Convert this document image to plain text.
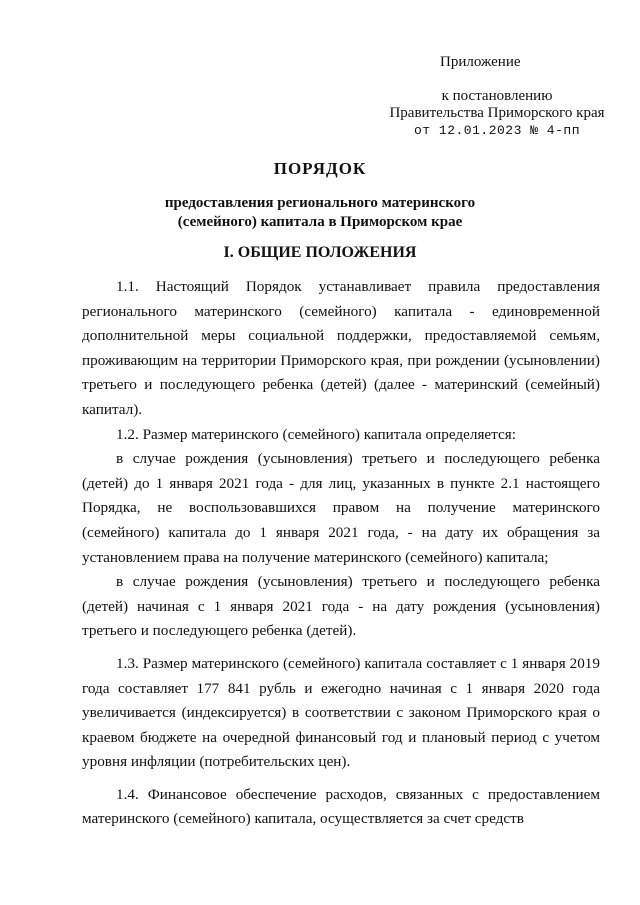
Приложение
к постановлению
Правительства Приморского края
от 12.01.2023 № 4-пп
ПОРЯДОК
предоставления регионального материнского
(семейного) капитала в Приморском крае
I. ОБЩИЕ ПОЛОЖЕНИЯ

1.1. Настоящий Порядок устанавливает правила предоставления регионального материнского (семейного) капитала - единовременной дополнительной меры социальной поддержки, предоставляемой семьям, проживающим на территории Приморского края, при рождении (усыновлении) третьего и последующего ребенка (детей) (далее - материнский (семейный) капитал).

1.2. Размер материнского (семейного) капитала определяется:

в случае рождения (усыновления) третьего и последующего ребенка (детей) до 1 января 2021 года - для лиц, указанных в пункте 2.1 настоящего Порядка, не воспользовавшихся правом на получение материнского (семейного) капитала до 1 января 2021 года, - на дату их обращения за установлением права на получение материнского (семейного) капитала;

в случае рождения (усыновления) третьего и последующего ребенка (детей) начиная с 1 января 2021 года - на дату рождения (усыновления) третьего и последующего ребенка (детей).

1.3. Размер материнского (семейного) капитала составляет с 1 января 2019 года составляет 177 841 рубль и ежегодно начиная с 1 января 2020 года увеличивается (индексируется) в соответствии с законом Приморского края о краевом бюджете на очередной финансовый год и плановый период с учетом уровня инфляции (потребительских цен).

1.4. Финансовое обеспечение расходов, связанных с предоставлением материнского (семейного) капитала, осуществляется за счет средств
